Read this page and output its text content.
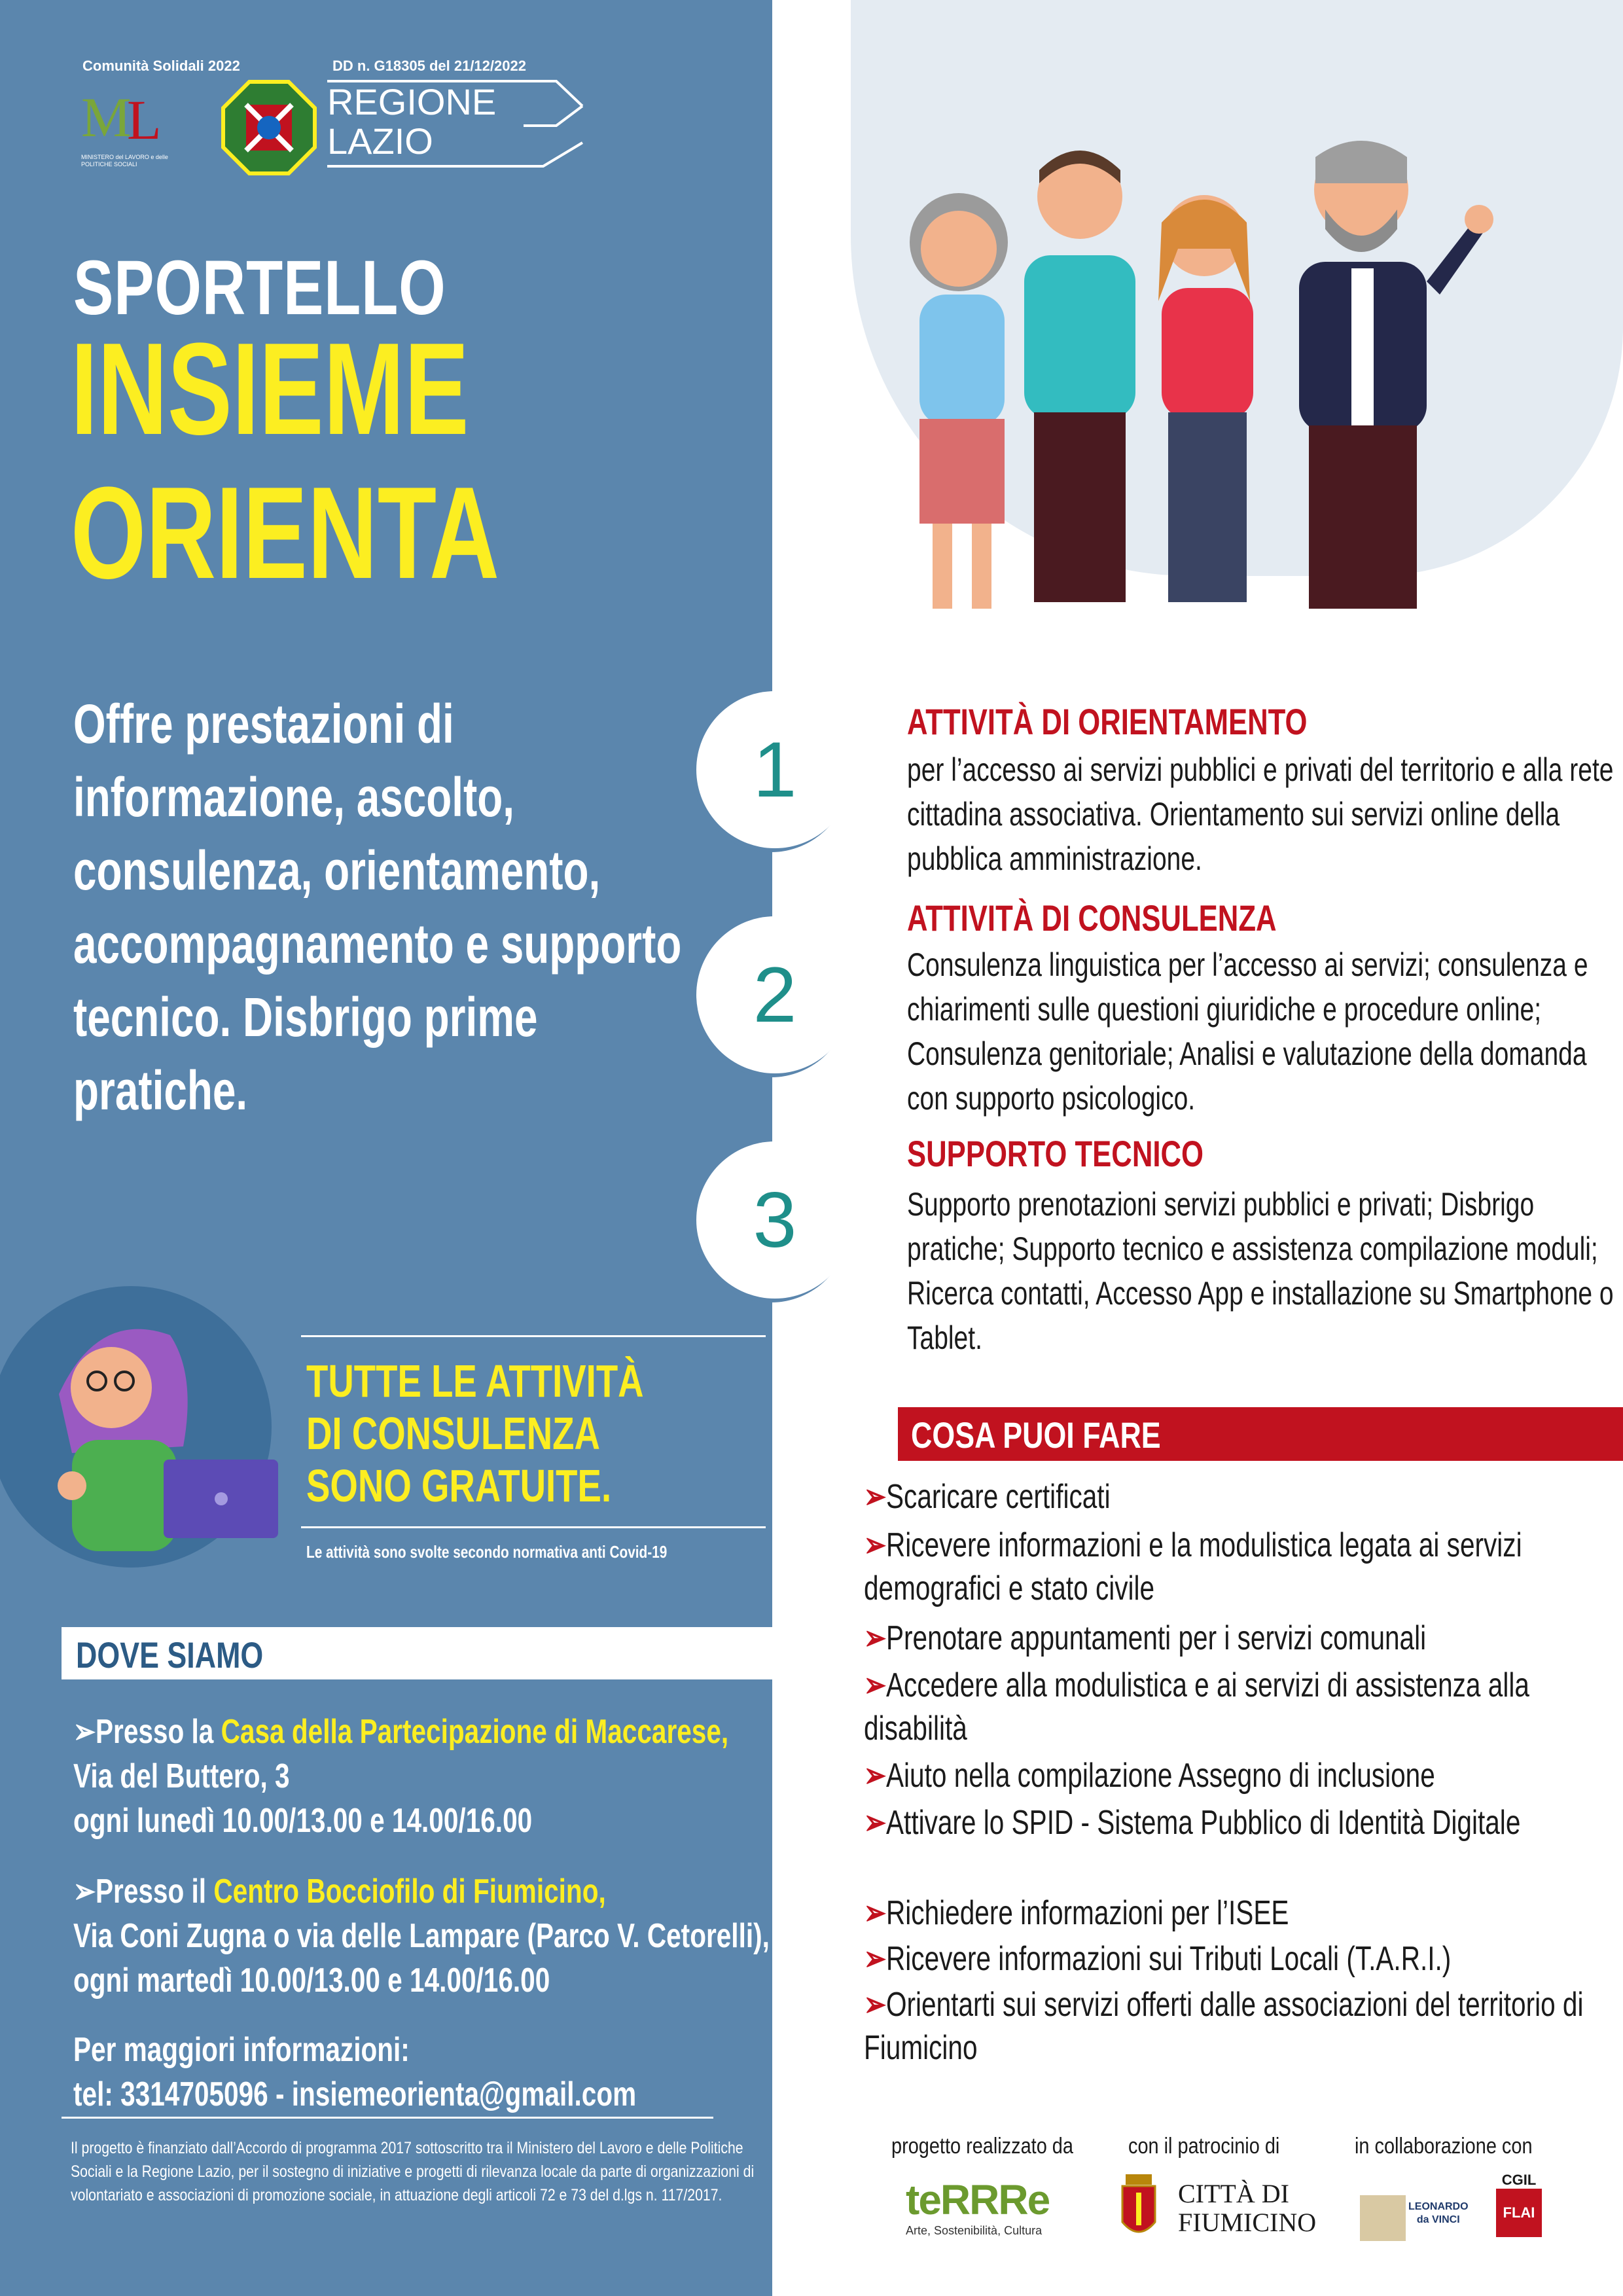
Comunità Solidali 2022	DD n. G18305 del 21/12/2022
M
L
MINISTERO del LAVORO e delle POLITICHE SOCIALI
REGIONE
LAZIO
SPORTELLO
INSIEME
ORIENTA
Offre prestazioni di informazione, ascolto, consulenza, orientamento, accompagnamento e supporto tecnico. Disbrigo prime pratiche.
1
2
3
ATTIVITÀ DI ORIENTAMENTO
per l’accesso ai servizi pubblici e privati del territorio e alla rete cittadina associativa. Orientamento sui servizi online della pubblica amministrazione.
ATTIVITÀ DI CONSULENZA
Consulenza linguistica per l’accesso ai servizi; consulenza e chiarimenti sulle questioni giuridiche e procedure online; Consulenza genitoriale; Analisi e valutazione della domanda con supporto psicologico.
SUPPORTO TECNICO
Supporto prenotazioni servizi pubblici e privati; Disbrigo pratiche; Supporto tecnico e assistenza compilazione moduli; Ricerca contatti, Accesso App e installazione su Smartphone o Tablet.
TUTTE LE ATTIVITÀ
DI CONSULENZA
SONO GRATUITE.
Le attività sono svolte secondo normativa anti Covid-19
DOVE SIAMO
➢Presso la Casa della Partecipazione di Maccarese,
Via del Buttero, 3
ogni lunedì 10.00/13.00 e 14.00/16.00
➢Presso il Centro Bocciofilo di Fiumicino,
Via Coni Zugna o via delle Lampare (Parco V. Cetorelli),
ogni martedì 10.00/13.00 e 14.00/16.00
Per maggiori informazioni:
tel: 3314705096 - insiemeorienta@gmail.com
Il progetto è finanziato dall’Accordo di programma 2017 sottoscritto tra il Ministero del Lavoro e delle Politiche Sociali e la Regione Lazio, per il sostegno di iniziative e progetti di rilevanza locale da parte di organizzazioni di volontariato e associazioni di promozione sociale, in attuazione degli articoli 72 e 73 del d.lgs n. 117/2017.
COSA PUOI FARE
➢Scaricare certificati
➢Ricevere informazioni e la modulistica legata ai servizi demografici e stato civile
➢Prenotare appuntamenti per i servizi comunali
➢Accedere alla modulistica e ai servizi di assistenza alla disabilità
➢Aiuto nella compilazione Assegno di inclusione
➢Attivare lo SPID - Sistema Pubblico di Identità Digitale
➢Richiedere informazioni per l’ISEE
➢Ricevere informazioni sui Tributi Locali (T.A.R.I.)
➢Orientarti sui servizi offerti dalle associazioni del territorio di Fiumicino
progetto realizzato da con il patrocinio di	in collaborazione con
teRRRe
Arte, Sostenibilità, Cultura
CITTÀ DI
FIUMICINO
LEONARDO
da VINCI
CGIL
FLAI
